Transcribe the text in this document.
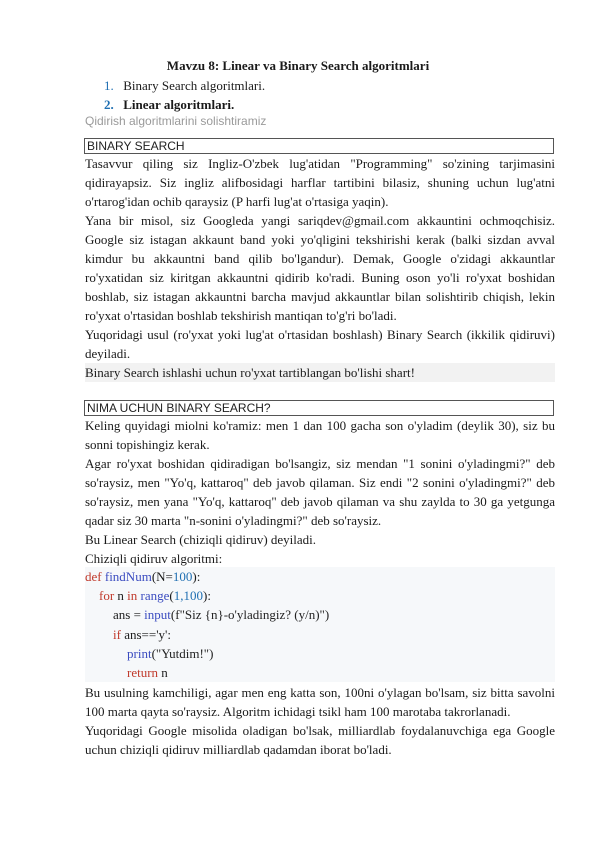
Mavzu 8: Linear va Binary Search algoritmlari
1. Binary Search algoritmlari.
2. Linear algoritmlari.
Qidirish algoritmlarini solishtiramiz
BINARY SEARCH

Tasavvur qiling siz Ingliz-O'zbek lug'atidan "Programming" so'zining tarjimasini qidirayapsiz. Siz ingliz alifbosidagi harflar tartibini bilasiz, shuning uchun lug'atni o'rtarog'idan ochib qaraysiz (P harfi lug'at o'rtasiga yaqin).

Yana bir misol, siz Googleda yangi sariqdev@gmail.com akkauntini ochmoqchisiz. Google siz istagan akkaunt band yoki yo'qligini tekshirishi kerak (balki sizdan avval kimdur bu akkauntni band qilib bo'lgandur). Demak, Google o'zidagi akkauntlar ro'yxatidan siz kiritgan akkauntni qidirib ko'radi. Buning oson yo'li ro'yxat boshidan boshlab, siz istagan akkauntni barcha mavjud akkauntlar bilan solishtirib chiqish, lekin ro'yxat o'rtasidan boshlab tekshirish mantiqan to'g'ri bo'ladi.

Yuqoridagi usul (ro'yxat yoki lug'at o'rtasidan boshlash) Binary Search (ikkilik qidiruvi) deyiladi.

Binary Search ishlashi uchun ro'yxat tartiblangan bo'lishi shart!

NIMA UCHUN BINARY SEARCH?

Keling quyidagi miolni ko'ramiz: men 1 dan 100 gacha son o'yladim (deylik 30), siz bu sonni topishingiz kerak.

Agar ro'yxat boshidan qidiradigan bo'lsangiz, siz mendan "1 sonini o'yladingmi?" deb so'raysiz, men "Yo'q, kattaroq" deb javob qilaman. Siz endi "2 sonini o'yladingmi?" deb so'raysiz, men yana "Yo'q, kattaroq" deb javob qilaman va shu zaylda to 30 ga yetgunga qadar siz 30 marta "n-sonini o'yladingmi?" deb so'raysiz.

Bu Linear Search (chiziqli qidiruv) deyiladi.

Chiziqli qidiruv algoritmi:

def findNum(N=100):
for n in range(1,100):
ans = input(f"Siz {n}-o'yladingiz? (y/n)")
if ans=='y':
print("Yutdim!")
return n

Bu usulning kamchiligi, agar men eng katta son, 100ni o'ylagan bo'lsam, siz bitta savolni 100 marta qayta so'raysiz. Algoritm ichidagi tsikl ham 100 marotaba takrorlanadi.

Yuqoridagi Google misolida oladigan bo'lsak, milliardlab foydalanuvchiga ega Google uchun chiziqli qidiruv milliardlab qadamdan iborat bo'ladi.
